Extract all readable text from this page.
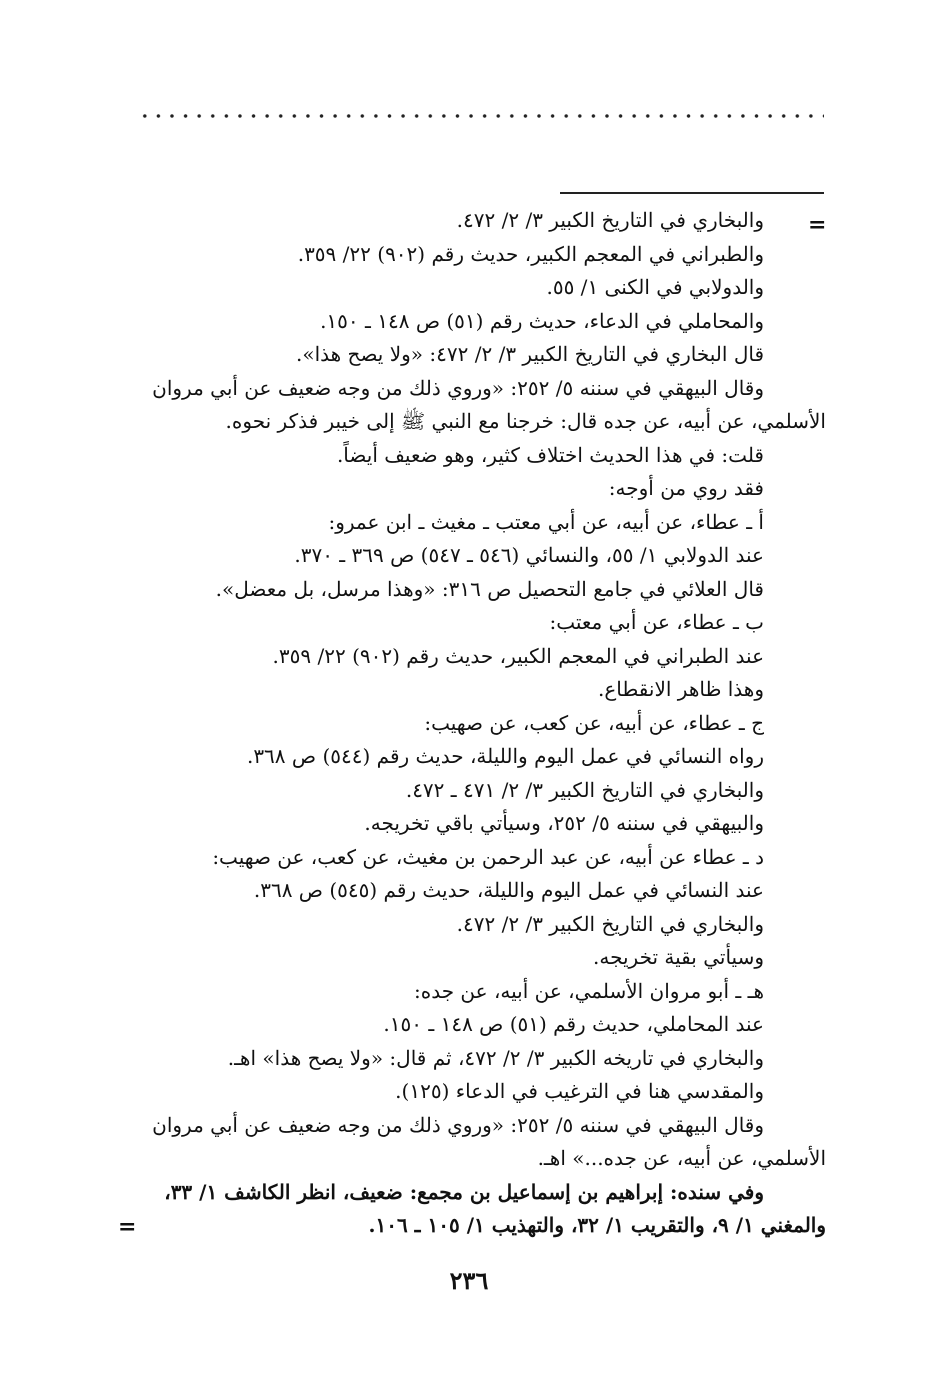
=
والبخاري في التاريخ الكبير ٣/ ٢/ ٤٧٢.
والطبراني في المعجم الكبير، حديث رقم (٩٠٢) ٢٢/ ٣٥٩.
والدولابي في الكنى ١/ ٥٥.
والمحاملي في الدعاء، حديث رقم (٥١) ص ١٤٨ ـ ١٥٠.
قال البخاري في التاريخ الكبير ٣/ ٢/ ٤٧٢: «ولا يصح هذا».
وقال البيهقي في سننه ٥/ ٢٥٢: «وروي ذلك من وجه ضعيف عن أبي مروان
الأسلمي، عن أبيه، عن جده قال: خرجنا مع النبي ﷺ إلى خيبر فذكر نحوه.
قلت: في هذا الحديث اختلاف كثير، وهو ضعيف أيضاً.
فقد روي من أوجه:
أ ـ عطاء، عن أبيه، عن أبي معتب ـ مغيث ـ ابن عمرو:
عند الدولابي ١/ ٥٥، والنسائي (٥٤٦ ـ ٥٤٧) ص ٣٦٩ ـ ٣٧٠.
قال العلائي في جامع التحصيل ص ٣١٦: «وهذا مرسل، بل معضل».
ب ـ عطاء، عن أبي معتب:
عند الطبراني في المعجم الكبير، حديث رقم (٩٠٢) ٢٢/ ٣٥٩.
وهذا ظاهر الانقطاع.
ج ـ عطاء، عن أبيه، عن كعب، عن صهيب:
رواه النسائي في عمل اليوم والليلة، حديث رقم (٥٤٤) ص ٣٦٨.
والبخاري في التاريخ الكبير ٣/ ٢/ ٤٧١ ـ ٤٧٢.
والبيهقي في سننه ٥/ ٢٥٢، وسيأتي باقي تخريجه.
د ـ عطاء عن أبيه، عن عبد الرحمن بن مغيث، عن كعب، عن صهيب:
عند النسائي في عمل اليوم والليلة، حديث رقم (٥٤٥) ص ٣٦٨.
والبخاري في التاريخ الكبير ٣/ ٢/ ٤٧٢.
وسيأتي بقية تخريجه.
هـ ـ أبو مروان الأسلمي، عن أبيه، عن جده:
عند المحاملي، حديث رقم (٥١) ص ١٤٨ ـ ١٥٠.
والبخاري في تاريخه الكبير ٣/ ٢/ ٤٧٢، ثم قال: «ولا يصح هذا» اهـ.
والمقدسي هنا في الترغيب في الدعاء (١٢٥).
وقال البيهقي في سننه ٥/ ٢٥٢: «وروي ذلك من وجه ضعيف عن أبي مروان
الأسلمي، عن أبيه، عن جده...» اهـ.
وفي سنده: إبراهيم بن إسماعيل بن مجمع: ضعيف، انظر الكاشف ١/ ٣٣،
والمغني ١/ ٩، والتقريب ١/ ٣٢، والتهذيب ١/ ١٠٥ ـ ١٠٦.
=
٢٣٦
